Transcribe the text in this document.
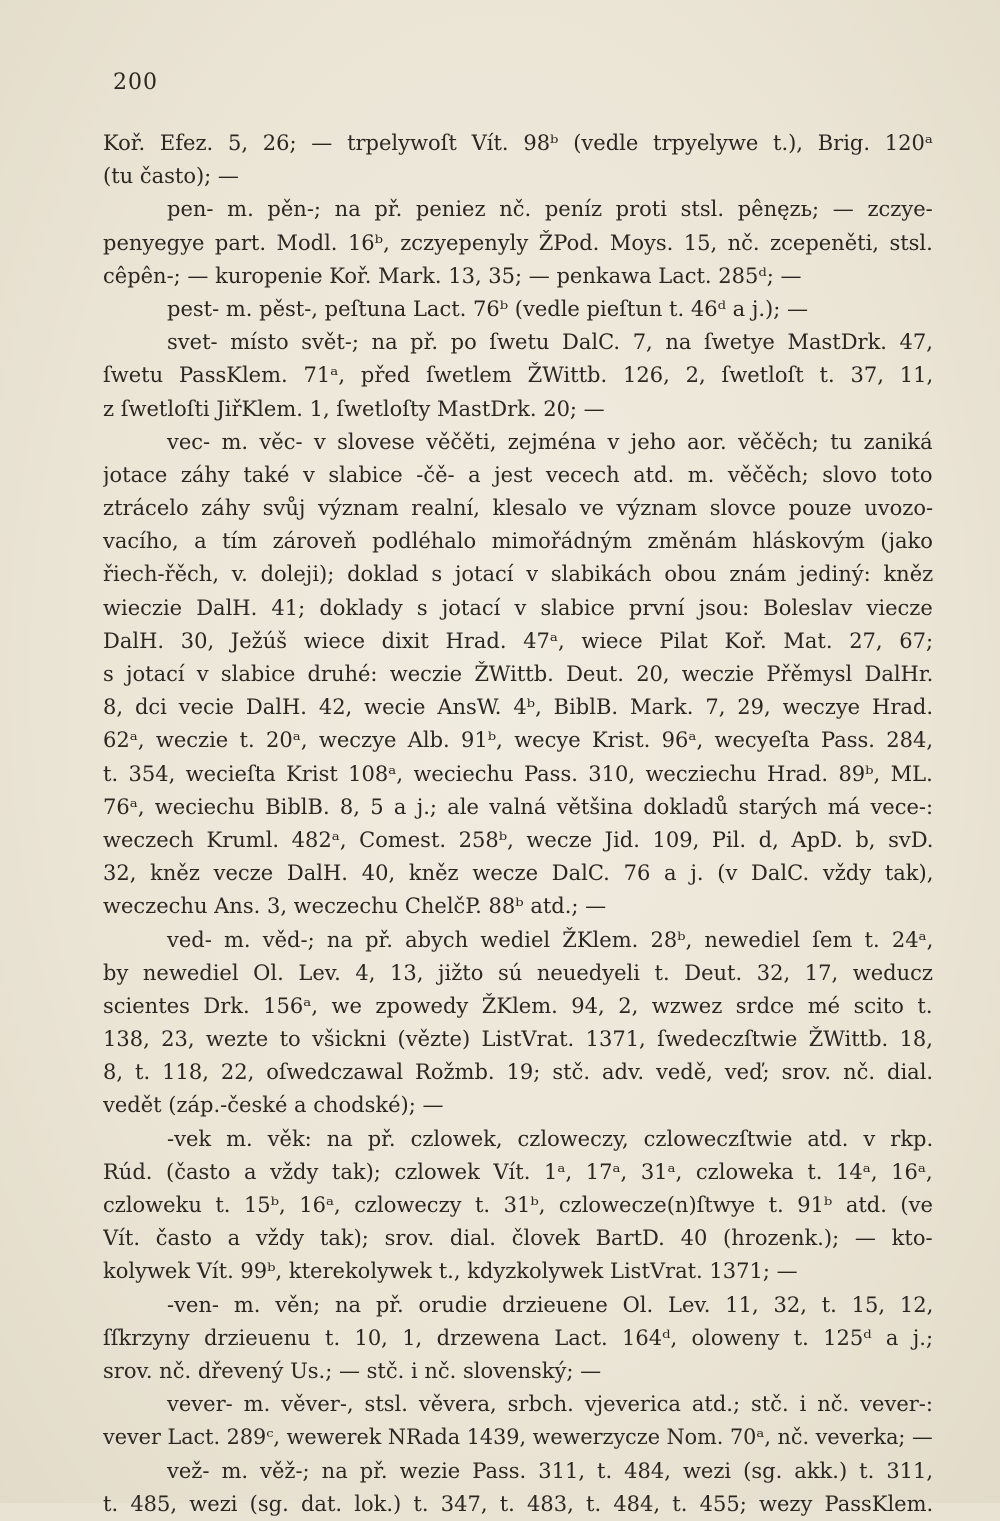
200
Koř. Efez. 5, 26; — trpelywoſt Vít. 98ᵇ (vedle trpyelywe t.), Brig. 120ᵃ
(tu často); —
pen- m. pěn-; na př. peniez nč. peníz proti stsl. pênęzь; — zczye-
penyegye part. Modl. 16ᵇ, zczyepenyly ŽPod. Moys. 15, nč. zcepeněti, stsl.
cêpên-; — kuropenie Koř. Mark. 13, 35; — penkawa Lact. 285ᵈ; —
pest- m. pěst-, peſtuna Lact. 76ᵇ (vedle pieſtun t. 46ᵈ a j.); —
svet- místo svět-; na př. po ſwetu DalC. 7, na ſwetye MastDrk. 47,
ſwetu PassKlem. 71ᵃ, před ſwetlem ŽWittb. 126, 2, ſwetloſt t. 37, 11,
z ſwetloſti JiřKlem. 1, ſwetloſty MastDrk. 20; —
vec- m. věc- v slovese věčěti, zejména v jeho aor. věčěch; tu zaniká
jotace záhy také v slabice -čě- a jest vecech atd. m. věčěch; slovo toto
ztrácelo záhy svůj význam realní, klesalo ve význam slovce pouze uvozo-
vacího, a tím zároveň podléhalo mimořádným změnám hláskovým (jako
řiech-řěch, v. doleji); doklad s jotací v slabikách obou znám jediný: kněz
wieczie DalH. 41; doklady s jotací v slabice první jsou: Boleslav vieczе
DalH. 30, Ježúš wiece dixit Hrad. 47ᵃ, wiece Pilat Koř. Mat. 27, 67;
s jotací v slabice druhé: weczie ŽWittb. Deut. 20, weczie Přěmysl DalHr.
8, dci vecie DalH. 42, wecie AnsW. 4ᵇ, BiblB. Mark. 7, 29, weczye Hrad.
62ᵃ, weczie t. 20ᵃ, weczye Alb. 91ᵇ, wecye Krist. 96ᵃ, wecyeſta Pass. 284,
t. 354, weciеſta Krist 108ᵃ, weciechu Pass. 310, wecziechu Hrad. 89ᵇ, ML.
76ᵃ, weciechu BiblB. 8, 5 a j.; ale valná většina dokladů starých má vece-:
weczech Kruml. 482ᵃ, Comest. 258ᵇ, wecze Jid. 109, Pil. d, ApD. b, svD.
32, kněz vecze DalH. 40, kněz wecze DalC. 76 a j. (v DalC. vždy tak),
weczechu Ans. 3, weczechu ChelčP. 88ᵇ atd.; —
ved- m. věd-; na př. abych wediel ŽKlem. 28ᵇ, newediel ſem t. 24ᵃ,
by newediel Ol. Lev. 4, 13, jižto sú neuedyeli t. Deut. 32, 17, weducz
scientes Drk. 156ᵃ, we zpowedy ŽKlem. 94, 2, wzwez srdce mé scito t.
138, 23, wezte to všickni (vězte) ListVrat. 1371, ſwedeczſtwie ŽWittb. 18,
8, t. 118, 22, oſwedczawal Rožmb. 19; stč. adv. vedě, veď; srov. nč. dial.
vedět (záp.-české a chodské); —
-vek m. věk: na př. czlowek, czloweczy, czloweczſtwie atd. v rkp.
Rúd. (často a vždy tak); czlowek Vít. 1ᵃ, 17ᵃ, 31ᵃ, czloweka t. 14ᵃ, 16ᵃ,
czloweku t. 15ᵇ, 16ᵃ, czloweczy t. 31ᵇ, czlowecze(n)ſtwye t. 91ᵇ atd. (ve
Vít. často a vždy tak); srov. dial. človek BartD. 40 (hrozenk.); — kto-
kolywek Vít. 99ᵇ, kterekolywek t., kdyzkolywek ListVrat. 1371; —
-ven- m. věn; na př. orudie drzieuene Ol. Lev. 11, 32, t. 15, 12,
ſſkrzyny drzieuenu t. 10, 1, drzewena Lact. 164ᵈ, oloweny t. 125ᵈ a j.;
srov. nč. dřevený Us.; — stč. i nč. slovenský; —
vever- m. věver-, stsl. věvera, srbch. vjeverica atd.; stč. i nč. vever-:
vever Lact. 289ᶜ, wewerek NRada 1439, wewerzycze Nom. 70ᵃ, nč. veverka; —
vež- m. věž-; na př. wezie Pass. 311, t. 484, wezi (sg. akk.) t. 311,
t. 485, wezi (sg. dat. lok.) t. 347, t. 483, t. 484, t. 455; wezy PassKlem.
